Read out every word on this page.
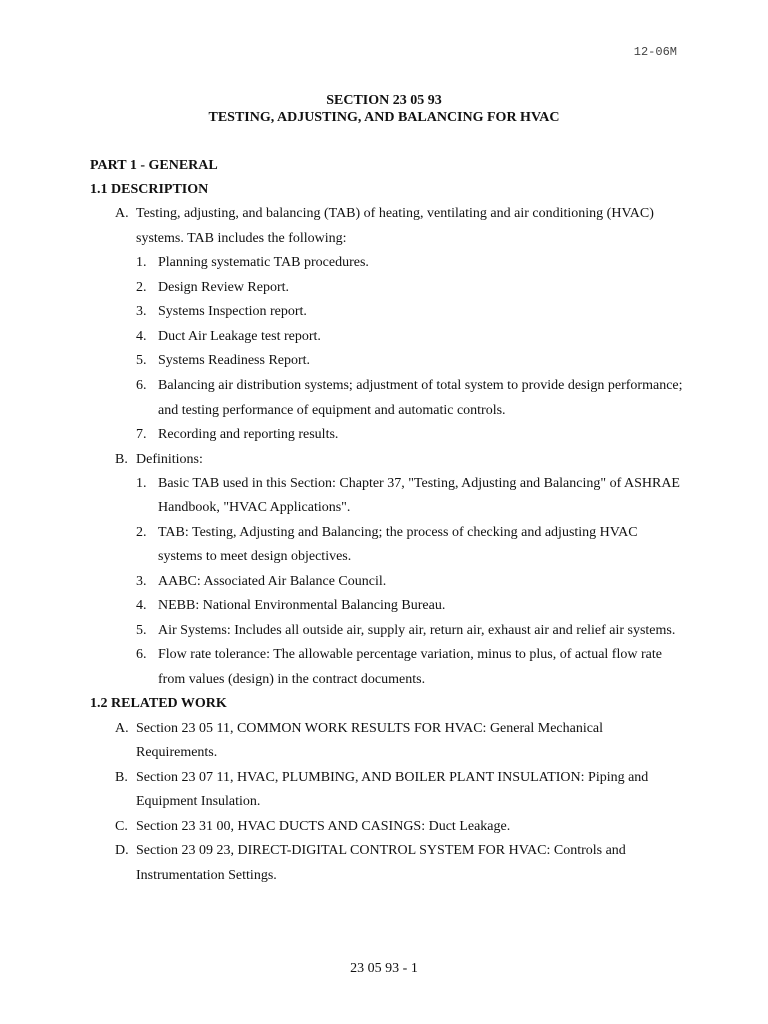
12-06M
SECTION 23 05 93
TESTING, ADJUSTING, AND BALANCING FOR HVAC
PART 1 - GENERAL
1.1 DESCRIPTION
A. Testing, adjusting, and balancing (TAB) of heating, ventilating and air conditioning (HVAC)
systems. TAB includes the following:
1. Planning systematic TAB procedures.
2. Design Review Report.
3. Systems Inspection report.
4. Duct Air Leakage test report.
5. Systems Readiness Report.
6. Balancing air distribution systems; adjustment of total system to provide design performance;
and testing performance of equipment and automatic controls.
7. Recording and reporting results.
B. Definitions:
1. Basic TAB used in this Section: Chapter 37, "Testing, Adjusting and Balancing" of ASHRAE
Handbook, "HVAC Applications".
2. TAB: Testing, Adjusting and Balancing; the process of checking and adjusting HVAC
systems to meet design objectives.
3. AABC: Associated Air Balance Council.
4. NEBB: National Environmental Balancing Bureau.
5. Air Systems: Includes all outside air, supply air, return air, exhaust air and relief air systems.
6. Flow rate tolerance: The allowable percentage variation, minus to plus, of actual flow rate
from values (design) in the contract documents.
1.2 RELATED WORK
A. Section 23 05 11, COMMON WORK RESULTS FOR HVAC: General Mechanical
Requirements.
B. Section 23 07 11, HVAC, PLUMBING, AND BOILER PLANT INSULATION: Piping and
Equipment Insulation.
C. Section 23 31 00, HVAC DUCTS AND CASINGS: Duct Leakage.
D. Section 23 09 23, DIRECT-DIGITAL CONTROL SYSTEM FOR HVAC: Controls and
Instrumentation Settings.
23 05 93 - 1
